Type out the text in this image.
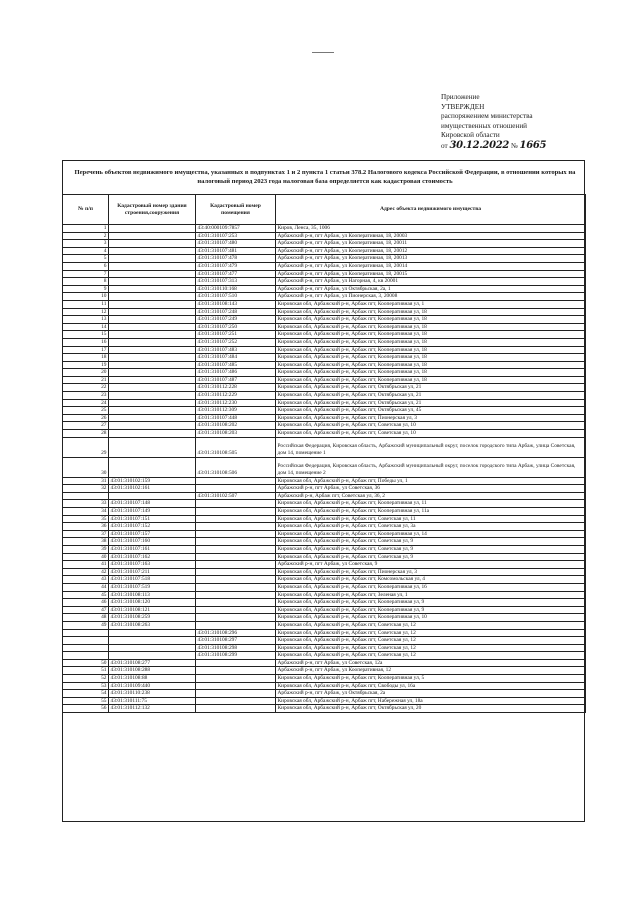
Приложение
УТВЕРЖДЕН
распоряжением министерства
имущественных отношений
Кировской области
от 30.12.2022 № 1665
Перечень объектов недвижимого имущества, указанных в подпунктах 1 и 2 пункта 1 статьи 378.2 Налогового кодекса Российской Федерации, в отношении которых на налоговый период 2023 года налоговая база определяется как кадастровая стоимость
№ п/п	Кадастровый номер здания строения,сооружения	Кадастровый номер помещения	Адрес объекта недвижимого имущества
1		43:40:000109:7857	Киров, Ленса, 35, 1006
2		43:01:310107:253	Арбажский р-н, пгт Арбаж, ул Кооперативная, 18, 20003
3		43:01:310107:480	Арбажский р-н, пгт Арбаж, ул Кооперативная, 18, 20011
4		43:01:310107:481	Арбажский р-н, пгт Арбаж, ул Кооперативная, 18, 20012
5		43:01:310107:478	Арбажский р-н, пгт Арбаж, ул Кооперативная, 18, 20013
6		43:01:310107:479	Арбажский р-н, пгт Арбаж, ул Кооперативная, 18, 20014
7		43:01:310107:477	Арбажский р-н, пгт Арбаж, ул Кооперативная, 18, 20015
8		43:01:310107:313	Арбажский р-н, пгт Арбаж, ул Нагорная, 4, кв 20001
9		43:01:310110:168	Арбажский р-н, пгт Арбаж, ул Октябрьская, 2а, 1
10		43:01:310107:510	Арбажский р-н, пгт Арбаж, ул Пионерская, 3, 20008
11		43:01:310108:143	Кировская обл, Арбажский р-н, Арбаж пгт, Кооперативная ул, 1
12		43:01:310107:248	Кировская обл, Арбажский р-н, Арбаж пгт, Кооперативная ул, 18
13		43:01:310107:249	Кировская обл, Арбажский р-н, Арбаж пгт, Кооперативная ул, 18
14		43:01:310107:250	Кировская обл, Арбажский р-н, Арбаж пгт, Кооперативная ул, 18
15		43:01:310107:251	Кировская обл, Арбажский р-н, Арбаж пгт, Кооперативная ул, 18
16		43:01:310107:252	Кировская обл, Арбажский р-н, Арбаж пгт, Кооперативная ул, 18
17		43:01:310107:483	Кировская обл, Арбажский р-н, Арбаж пгт, Кооперативная ул, 18
18		43:01:310107:484	Кировская обл, Арбажский р-н, Арбаж пгт, Кооперативная ул, 18
19		43:01:310107:485	Кировская обл, Арбажский р-н, Арбаж пгт, Кооперативная ул, 18
20		43:01:310107:486	Кировская обл, Арбажский р-н, Арбаж пгт, Кооперативная ул, 18
21		43:01:310107:487	Кировская обл, Арбажский р-н, Арбаж пгт, Кооперативная ул, 18
22		43:01:310112:228	Кировская обл, Арбажский р-н, Арбаж пгт, Октябрьская ул, 21
23		43:01:310112:229	Кировская обл, Арбажский р-н, Арбаж пгт, Октябрьская ул, 21
24		43:01:310112:230	Кировская обл, Арбажский р-н, Арбаж пгт, Октябрьская ул, 21
25		43:01:310112:309	Кировская обл, Арбажский р-н, Арбаж пгт, Октябрьская ул, 45
26		43:01:310107:448	Кировская обл, Арбажский р-н, Арбаж пгт, Пионерская ул, 3
27		43:01:310108:202	Кировская обл, Арбажский р-н, Арбаж пгт, Советская ул, 10
28		43:01:310108:203	Кировская обл, Арбажский р-н, Арбаж пгт, Советская ул, 10
29		43:01:310108:505	Российская Федерация, Кировская область, Арбажский муниципальный округ, поселок городского типа Арбаж, улица Советская, дом 14, помещение 1
30		43:01:310108:506	Российская Федерация, Кировская область, Арбажский муниципальный округ, поселок городского типа Арбаж, улица Советская, дом 14, помещение 2
31	43:01:310102:159		Кировская обл, Арбажский р-н, Арбаж пгт, Победы ул, 1
32	43:01:310102:161		Арбажский р-н, пгт Арбаж, ул Советская, 36
		43:01:310102:507	Арбажский р-н, Арбаж пгт, Советская ул, 36, 2
33	43:01:310107:148		Кировская обл, Арбажский р-н, Арбаж пгт, Кооперативная ул, 11
34	43:01:310107:149		Кировская обл, Арбажский р-н, Арбаж пгт, Кооперативная ул, 11а
35	43:01:310107:151		Кировская обл, Арбажский р-н, Арбаж пгт, Советская ул, 11
36	43:01:310107:152		Кировская обл, Арбажский р-н, Арбаж пгт, Советская ул, 3а
37	43:01:310107:157		Кировская обл, Арбажский р-н, Арбаж пгт, Кооперативная ул, 14
38	43:01:310107:160		Кировская обл, Арбажский р-н, Арбаж пгт, Советская ул, 9
39	43:01:310107:161		Кировская обл, Арбажский р-н, Арбаж пгт, Советская ул, 9
40	43:01:310107:162		Кировская обл, Арбажский р-н, Арбаж пгт, Советская ул, 9
41	43:01:310107:163		Арбажский р-н, пгт Арбаж, ул Советская, 9
42	43:01:310107:211		Кировская обл, Арбажский р-н, Арбаж пгт, Пионерская ул, 3
43	43:01:310107:518		Кировская обл, Арбажский р-н, Арбаж пгт, Комсомольская ул, 4
44	43:01:310107:519		Кировская обл, Арбажский р-н, Арбаж пгт, Кооперативная ул, 16
45	43:01:310108:113		Кировская обл, Арбажский р-н, Арбаж пгт, Зеленая ул, 1
46	43:01:310108:120		Кировская обл, Арбажский р-н, Арбаж пгт, Кооперативная ул, 9
47	43:01:310108:121		Кировская обл, Арбажский р-н, Арбаж пгт, Кооперативная ул, 9
48	43:01:310108:259		Кировская обл, Арбажский р-н, Арбаж пгт, Кооперативная ул, 10
49	43:01:310108:263		Кировская обл, Арбажский р-н, Арбаж пгт, Советская ул, 12
		43:01:310108:296	Кировская обл, Арбажский р-н, Арбаж пгт, Советская ул, 12
		43:01:310108:297	Кировская обл, Арбажский р-н, Арбаж пгт, Советская ул, 12
		43:01:310108:298	Кировская обл, Арбажский р-н, Арбаж пгт, Советская ул, 12
		43:01:310108:299	Кировская обл, Арбажский р-н, Арбаж пгт, Советская ул, 12
50	43:01:310108:277		Арбажский р-н, пгт Арбаж, ул Советская, 12а
51	43:01:310108:288		Арбажский р-н, пгт Арбаж, ул Кооперативная, 12
52	43:01:310108:88		Кировская обл, Арбажский р-н, Арбаж пгт, Кооперативная ул, 5
53	43:01:310109:440		Кировская обл, Арбажский р-н, Арбаж пгт, Свободы ул, 16а
54	43:01:310110:238		Арбажский р-н, пгт Арбаж, ул Октябрьская, 2а
55	43:01:310111:75		Кировская обл, Арбажский р-н, Арбаж пгт, Набережная ул, 18а
56	43:01:310112:132		Кировская обл, Арбажский р-н, Арбаж пгт, Октябрьская ул, 20
